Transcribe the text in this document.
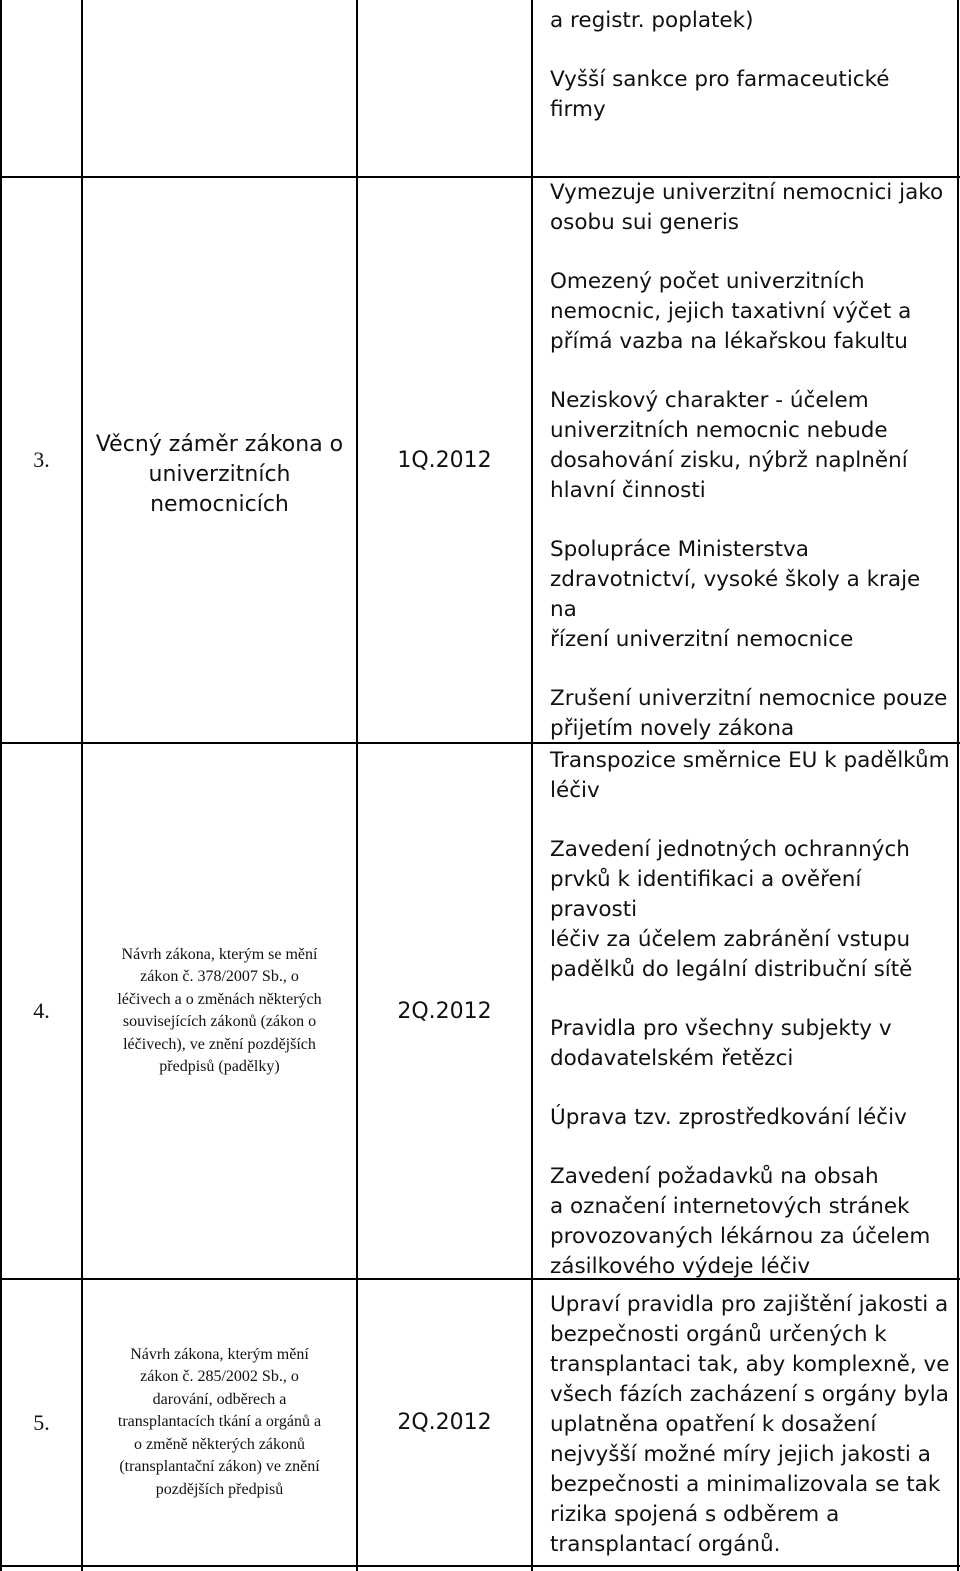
a registr. poplatek)

Vyšší sankce pro farmaceutické firmy

3.
Věcný záměr zákona o
univerzitních
nemocnicích
1Q.2012

Vymezuje univerzitní nemocnici jako
osobu sui generis

Omezený počet univerzitních
nemocnic, jejich taxativní výčet a
přímá vazba na lékařskou fakultu

Neziskový charakter - účelem
univerzitních nemocnic nebude
dosahování zisku, nýbrž naplnění
hlavní činnosti

Spolupráce Ministerstva
zdravotnictví, vysoké školy a kraje na
řízení univerzitní nemocnice

Zrušení univerzitní nemocnice pouze
přijetím novely zákona

4.
Návrh zákona, kterým se mění
zákon č. 378/2007 Sb., o
léčivech a o změnách některých
souvisejících zákonů (zákon o
léčivech), ve znění pozdějších
předpisů (padělky)
2Q.2012

Transpozice směrnice EU k padělkům
léčiv

Zavedení jednotných ochranných
prvků k identifikaci a ověření pravosti
léčiv za účelem zabránění vstupu
padělků do legální distribuční sítě

Pravidla pro všechny subjekty v
dodavatelském řetězci

Úprava tzv. zprostředkování léčiv

Zavedení požadavků na obsah
a označení internetových stránek
provozovaných lékárnou za účelem
zásilkového výdeje léčiv

5.
Návrh zákona, kterým mění
zákon č. 285/2002 Sb., o
darování, odběrech a
transplantacích tkání a orgánů a
o změně některých zákonů
(transplantační zákon) ve znění
pozdějších předpisů
2Q.2012

Upraví pravidla pro zajištění jakosti a
bezpečnosti orgánů určených k
transplantaci tak, aby komplexně, ve
všech fázích zacházení s orgány byla
uplatněna opatření k dosažení
nejvyšší možné míry jejich jakosti a
bezpečnosti a minimalizovala se tak
rizika spojená s odběrem a
transplantací orgánů.
